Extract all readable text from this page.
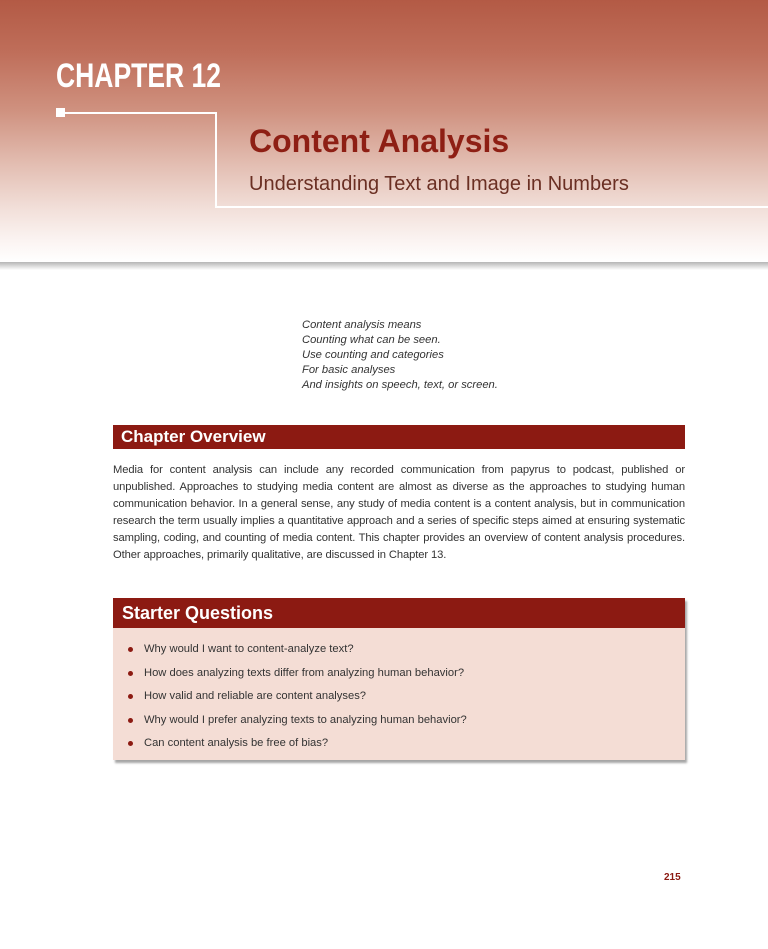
CHAPTER 12
Content Analysis
Understanding Text and Image in Numbers
Content analysis means
Counting what can be seen.
Use counting and categories
For basic analyses
And insights on speech, text, or screen.
Chapter Overview
Media for content analysis can include any recorded communication from papyrus to podcast, published or unpublished. Approaches to studying media content are almost as diverse as the approaches to studying human communication behavior. In a general sense, any study of media content is a content analysis, but in communication research the term usually implies a quantitative approach and a series of specific steps aimed at ensuring systematic sampling, coding, and counting of media content. This chapter provides an overview of content analysis procedures. Other approaches, primarily qualitative, are discussed in Chapter 13.
Starter Questions
Why would I want to content-analyze text?
How does analyzing texts differ from analyzing human behavior?
How valid and reliable are content analyses?
Why would I prefer analyzing texts to analyzing human behavior?
Can content analysis be free of bias?
215
